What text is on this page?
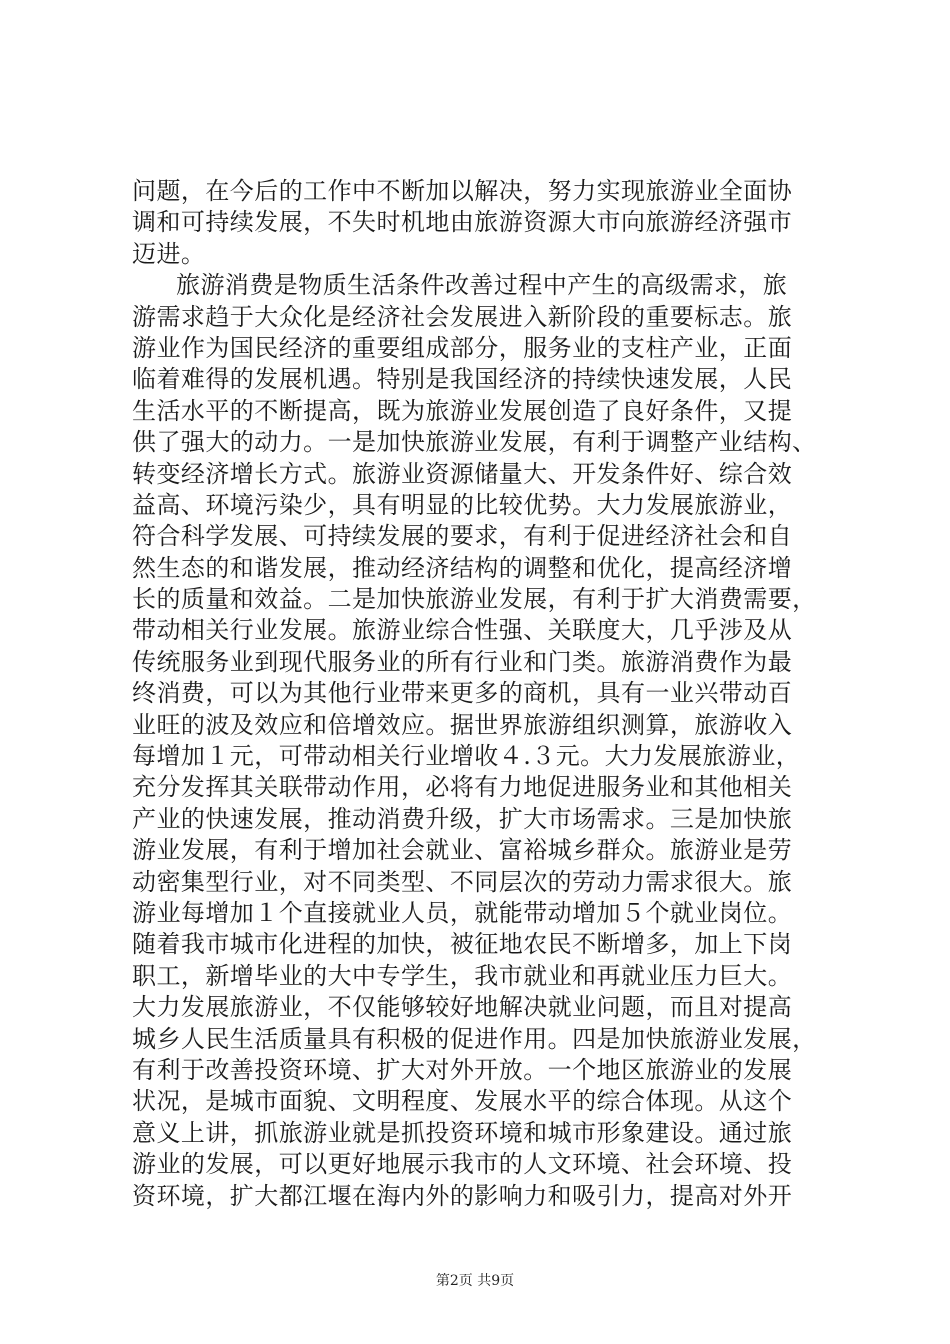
问题，在今后的工作中不断加以解决，努力实现旅游业全面协
调和可持续发展，不失时机地由旅游资源大市向旅游经济强市
迈进。
旅游消费是物质生活条件改善过程中产生的高级需求，旅
游需求趋于大众化是经济社会发展进入新阶段的重要标志。旅
游业作为国民经济的重要组成部分，服务业的支柱产业，正面
临着难得的发展机遇。特别是我国经济的持续快速发展，人民
生活水平的不断提高，既为旅游业发展创造了良好条件，又提
供了强大的动力。一是加快旅游业发展，有利于调整产业结构、
转变经济增长方式。旅游业资源储量大、开发条件好、综合效
益高、环境污染少，具有明显的比较优势。大力发展旅游业，
符合科学发展、可持续发展的要求，有利于促进经济社会和自
然生态的和谐发展，推动经济结构的调整和优化，提高经济增
长的质量和效益。二是加快旅游业发展，有利于扩大消费需要，
带动相关行业发展。旅游业综合性强、关联度大，几乎涉及从
传统服务业到现代服务业的所有行业和门类。旅游消费作为最
终消费，可以为其他行业带来更多的商机，具有一业兴带动百
业旺的波及效应和倍增效应。据世界旅游组织测算，旅游收入
每增加１元，可带动相关行业增收４.３元。大力发展旅游业，
充分发挥其关联带动作用，必将有力地促进服务业和其他相关
产业的快速发展，推动消费升级，扩大市场需求。三是加快旅
游业发展，有利于增加社会就业、富裕城乡群众。旅游业是劳
动密集型行业，对不同类型、不同层次的劳动力需求很大。旅
游业每增加１个直接就业人员，就能带动增加５个就业岗位。
随着我市城市化进程的加快，被征地农民不断增多，加上下岗
职工，新增毕业的大中专学生，我市就业和再就业压力巨大。
大力发展旅游业，不仅能够较好地解决就业问题，而且对提高
城乡人民生活质量具有积极的促进作用。四是加快旅游业发展，
有利于改善投资环境、扩大对外开放。一个地区旅游业的发展
状况，是城市面貌、文明程度、发展水平的综合体现。从这个
意义上讲，抓旅游业就是抓投资环境和城市形象建设。通过旅
游业的发展，可以更好地展示我市的人文环境、社会环境、投
资环境，扩大都江堰在海内外的影响力和吸引力，提高对外开
第2页 共9页
